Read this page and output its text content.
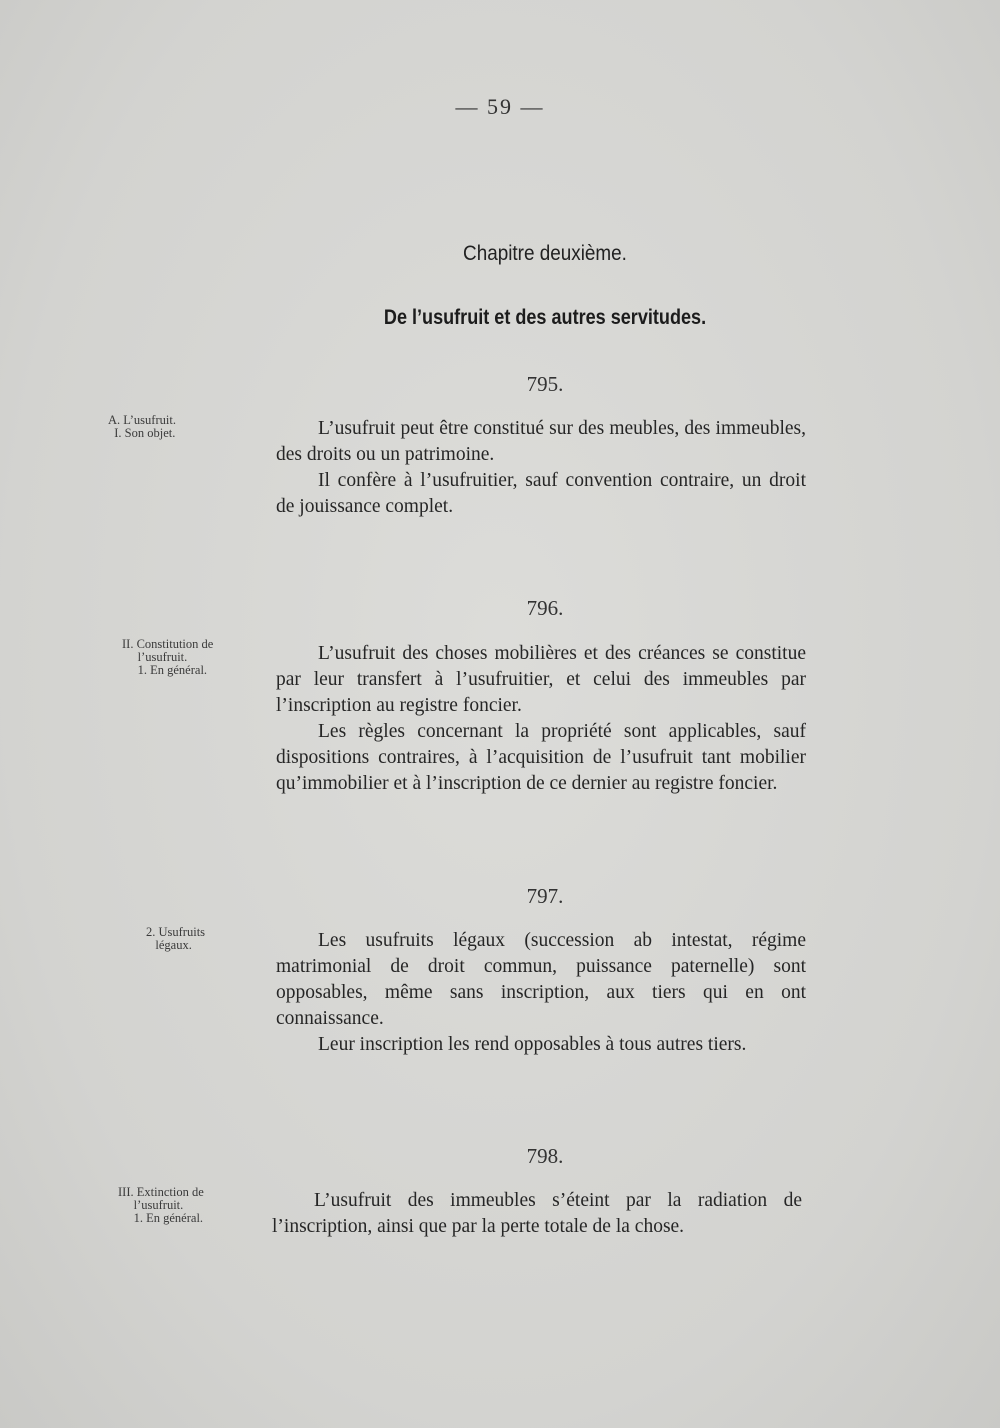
— 59 —
Chapitre deuxième.
De l’usufruit et des autres servitudes.
795.
A. L’usufruit.
I. Son objet.	L’usufruit peut être constitué sur des meubles, des immeubles, des droits ou un patrimoine.

Il confère à l’usufruitier, sauf convention contraire, un droit de jouissance complet.

796.
II. Constitution de
l’usufruit.
1. En général.

L’usufruit des choses mobilières et des créances se constitue par leur transfert à l’usufruitier, et celui des immeubles par l’inscription au registre foncier.

Les règles concernant la propriété sont applicables, sauf dispositions contraires, à l’acquisition de l’usufruit tant mobilier qu’immobilier et à l’inscription de ce dernier au registre foncier.

797.
2. Usufruits
légaux.	Les usufruits légaux (succession ab intestat, régime matrimonial de droit commun, puissance paternelle) sont opposables, même sans inscription, aux tiers qui en ont connaissance.

Leur inscription les rend opposables à tous autres tiers.

798.
III. Extinction de
l’usufruit.
1. En général.

L’usufruit des immeubles s’éteint par la radiation de l’inscription, ainsi que par la perte totale de la chose.
